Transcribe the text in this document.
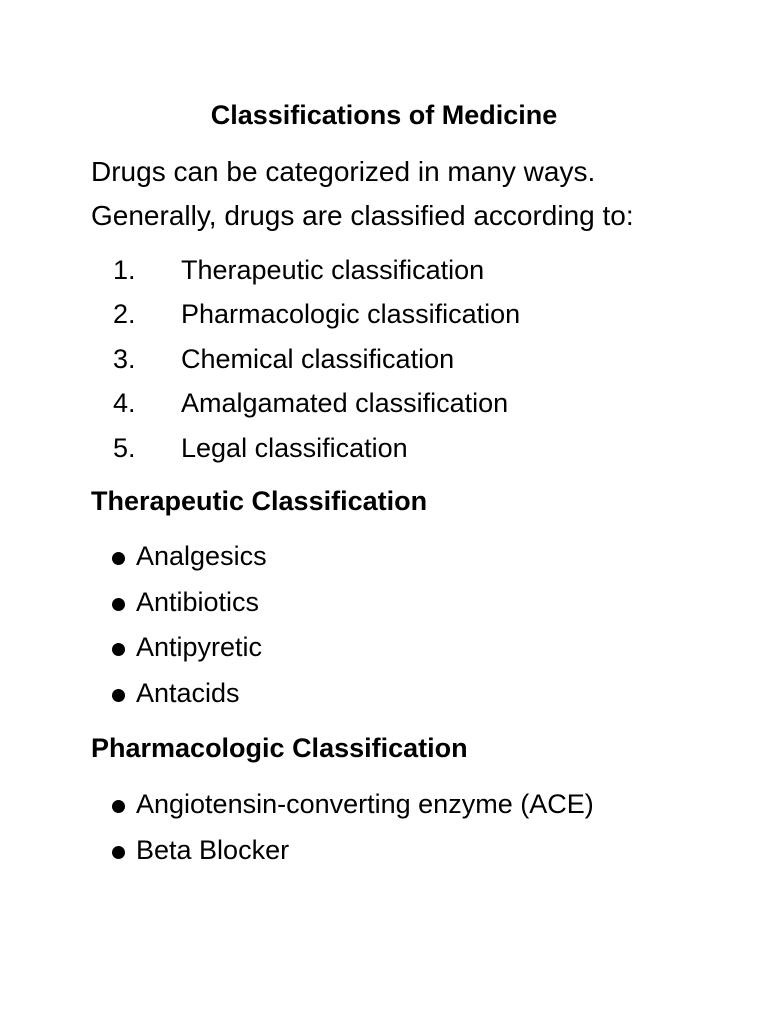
Classifications of Medicine

Drugs can be categorized in many ways.

Generally, drugs are classified according to:

1. Therapeutic classification
2. Pharmacologic classification
3. Chemical classification
4. Amalgamated classification
5. Legal classification
Therapeutic Classification
Analgesics
Antibiotics
Antipyretic
Antacids
Pharmacologic Classification
Angiotensin-converting enzyme (ACE)
Beta Blocker
